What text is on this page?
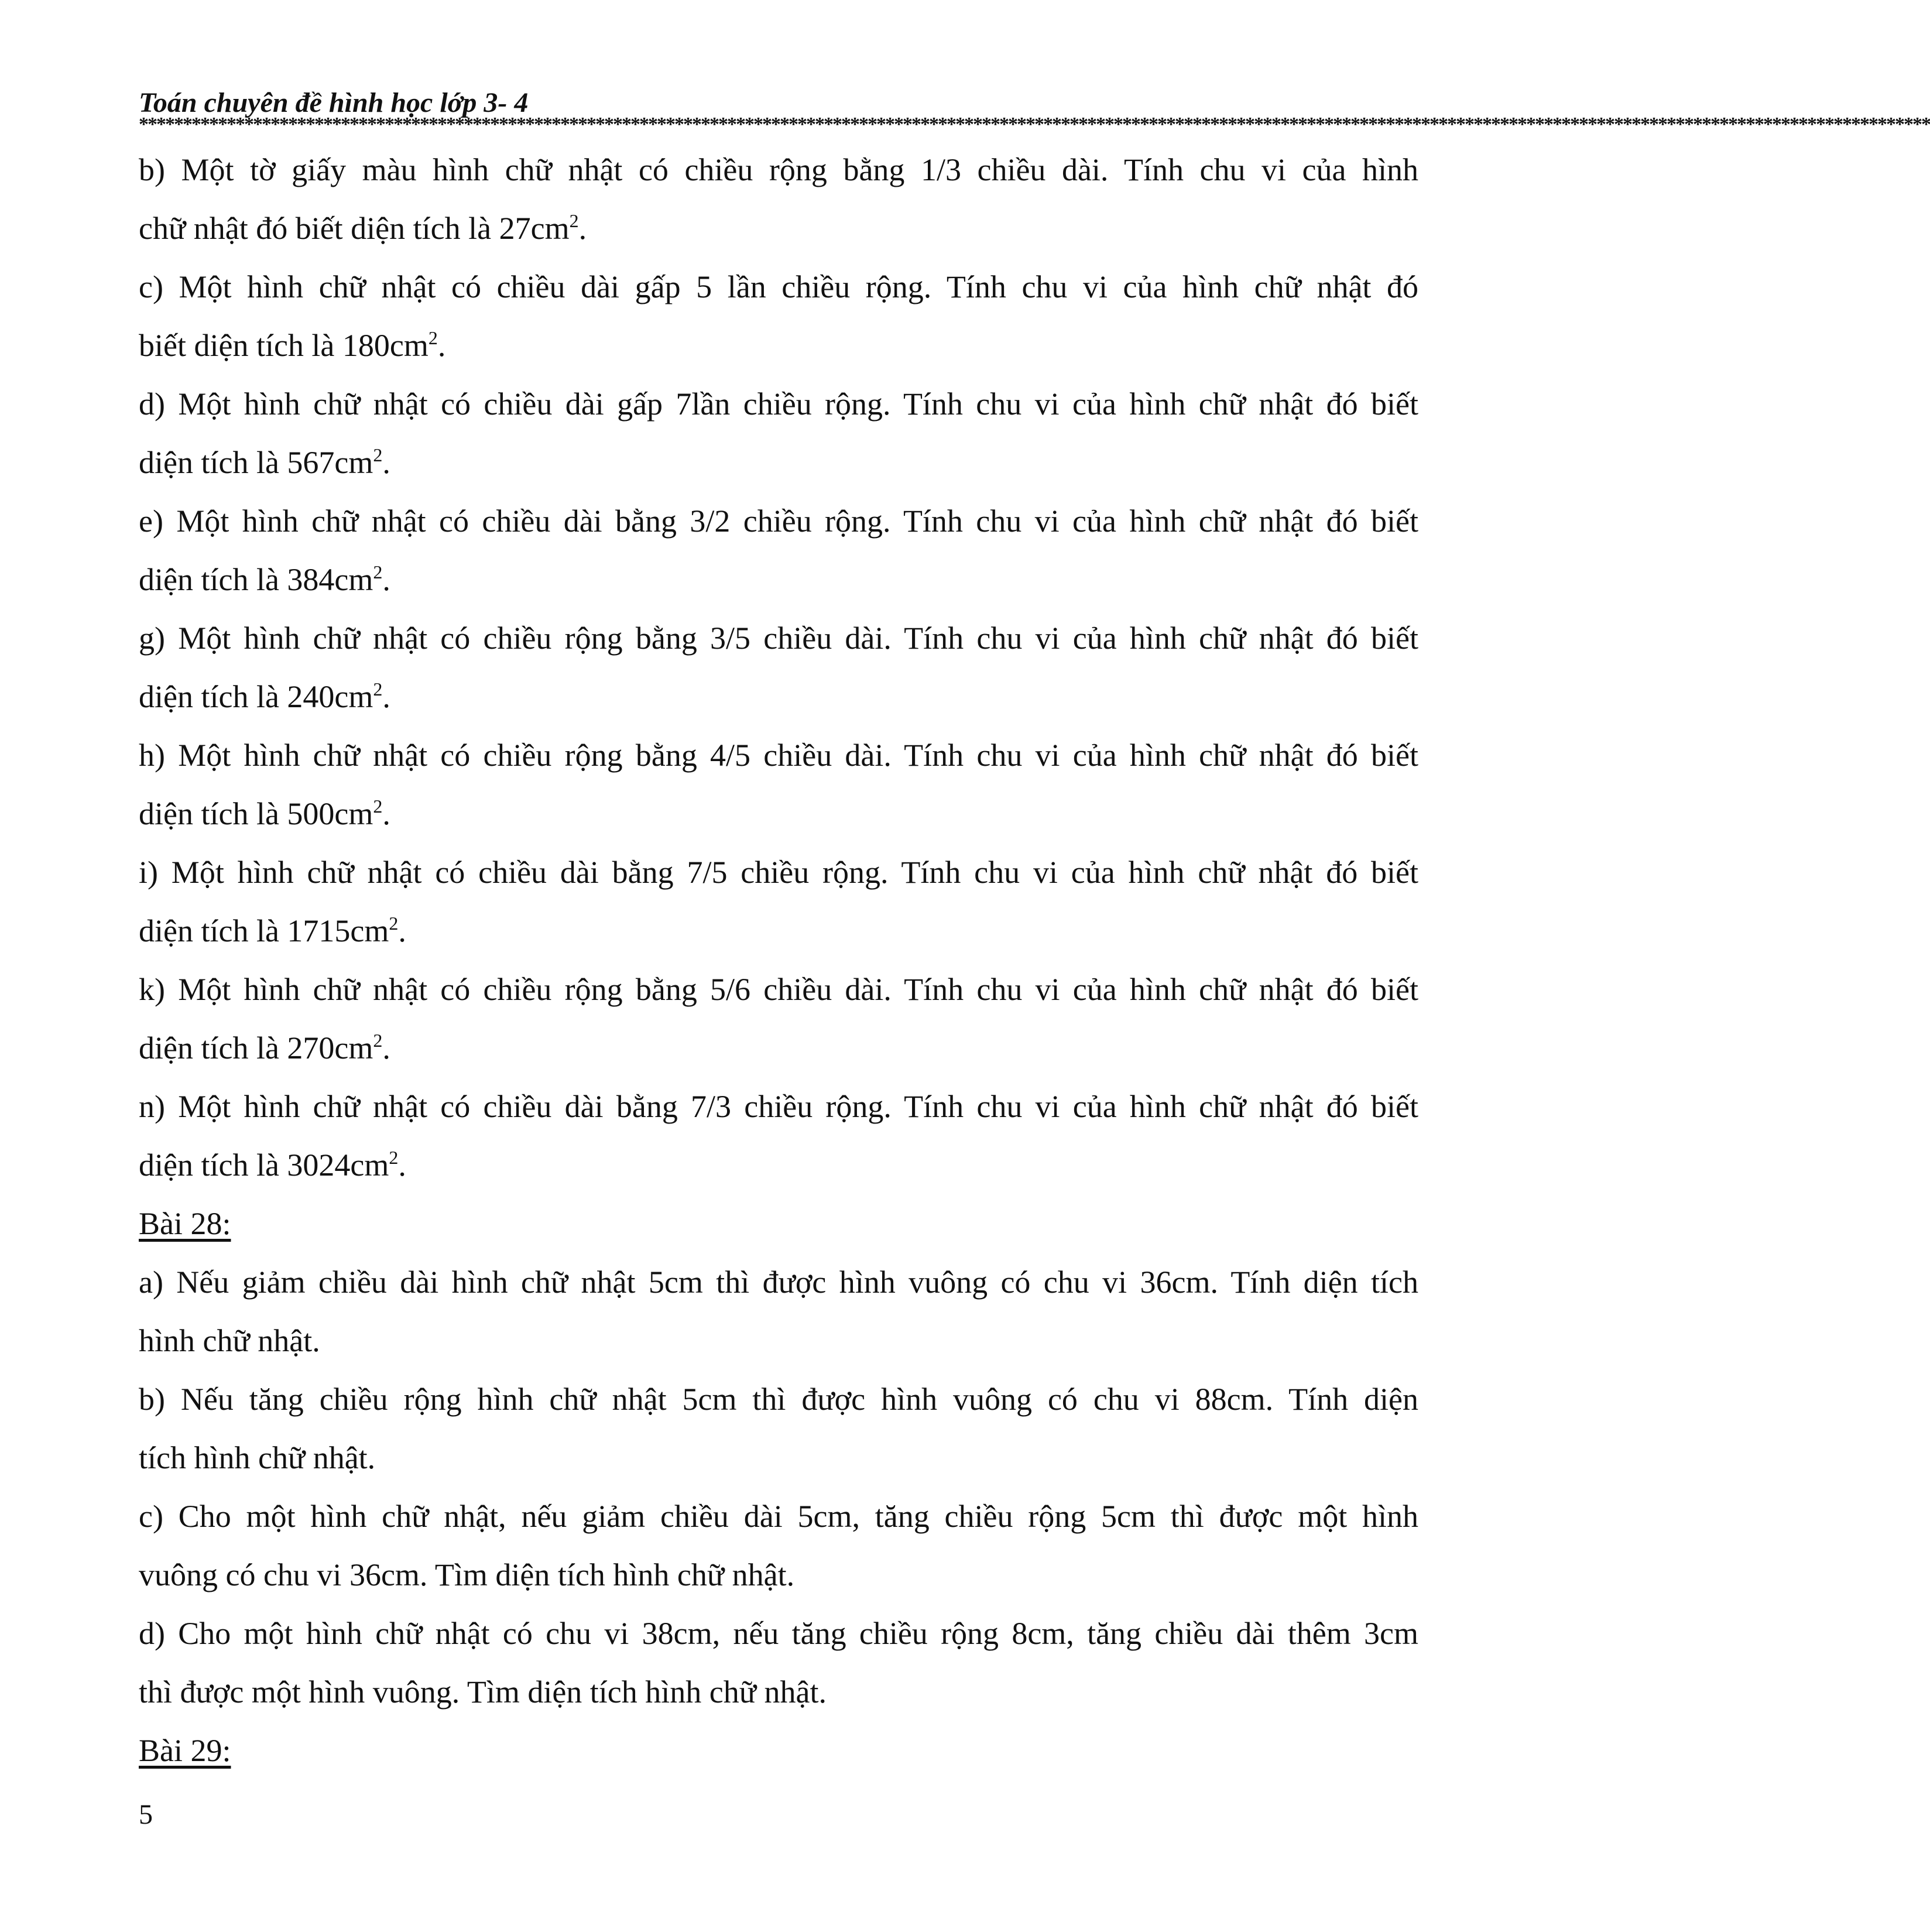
Toán chuyên đề hình học lớp 3- 4
************************************************************************************************************************************************************************************************************
b) Một tờ giấy màu hình chữ nhật có chiều rộng bằng 1/3 chiều dài. Tính chu vi của hình
chữ nhật đó biết diện tích là $27cm^2$.
c) Một hình chữ nhật có chiều dài gấp 5 lần chiều rộng. Tính chu vi của hình chữ nhật đó
biết diện tích là $180cm^2$.
d) Một hình chữ nhật có chiều dài gấp 7lần chiều rộng. Tính chu vi của hình chữ nhật đó biết
diện tích là $567cm^2$.
e) Một hình chữ nhật có chiều dài bằng 3/2 chiều rộng. Tính chu vi của hình chữ nhật đó biết
diện tích là $384cm^2$.
g) Một hình chữ nhật có chiều rộng bằng 3/5 chiều dài. Tính chu vi của hình chữ nhật đó biết
diện tích là $240cm^2$.
h) Một hình chữ nhật có chiều rộng bằng 4/5 chiều dài. Tính chu vi của hình chữ nhật đó biết
diện tích là $500cm^2$.
i) Một hình chữ nhật có chiều dài bằng 7/5 chiều rộng. Tính chu vi của hình chữ nhật đó biết
diện tích là $1715cm^2$.
k) Một hình chữ nhật có chiều rộng bằng 5/6 chiều dài. Tính chu vi của hình chữ nhật đó biết
diện tích là $270cm^2$.
n) Một hình chữ nhật có chiều dài bằng 7/3 chiều rộng. Tính chu vi của hình chữ nhật đó biết
diện tích là $3024cm^2$.
Bài 28:
a) Nếu giảm chiều dài hình chữ nhật 5cm thì được hình vuông có chu vi 36cm. Tính diện tích
hình chữ nhật.
b) Nếu tăng chiều rộng hình chữ nhật 5cm thì được hình vuông có chu vi 88cm. Tính diện
tích hình chữ nhật.
c) Cho một hình chữ nhật, nếu giảm chiều dài 5cm, tăng chiều rộng 5cm thì được một hình
vuông có chu vi 36cm. Tìm diện tích hình chữ nhật.
d) Cho một hình chữ nhật có chu vi 38cm, nếu tăng chiều rộng 8cm, tăng chiều dài thêm 3cm
thì được một hình vuông. Tìm diện tích hình chữ nhật.
Bài 29:
5
